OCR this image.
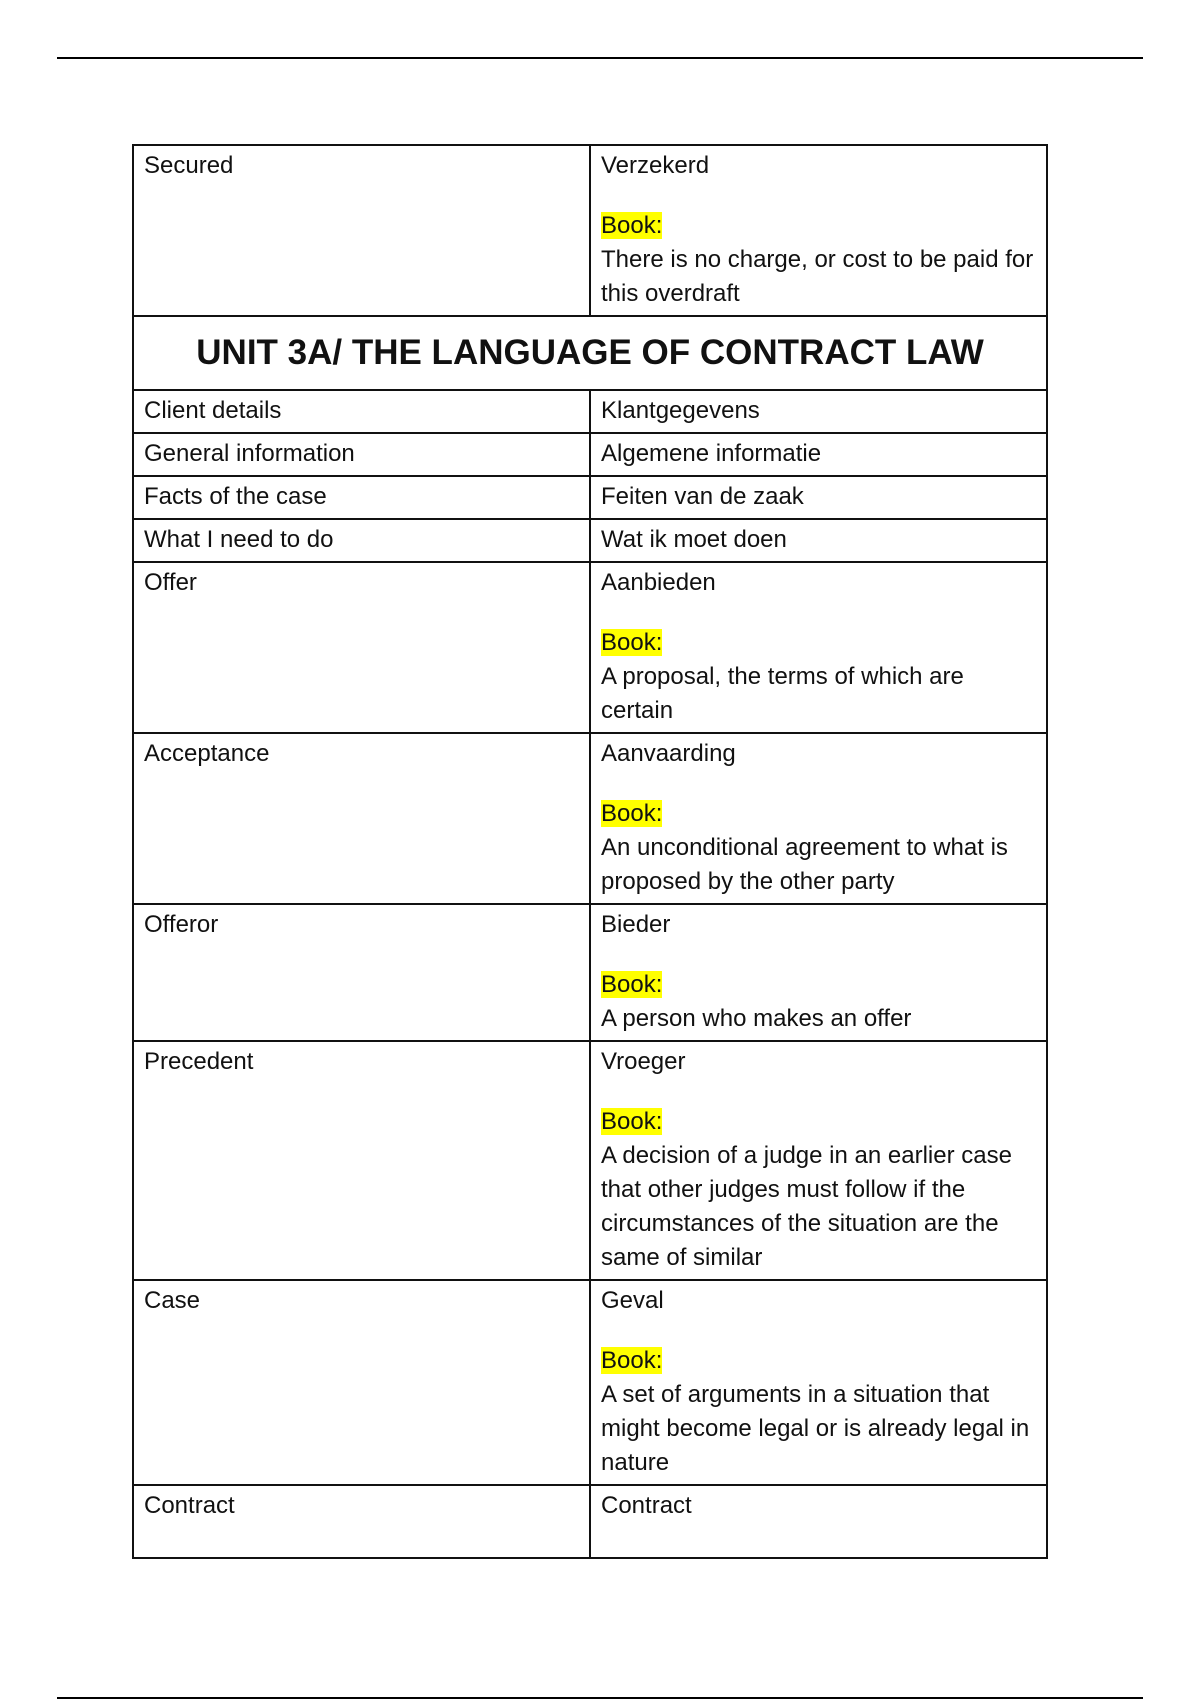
Secured	Verzekerd
Book:
There is no charge, or cost to be paid for this overdraft

UNIT 3A/ THE LANGUAGE OF CONTRACT LAW	
Client details	Klantgegevens
General information	Algemene informatie
Facts of the case	Feiten van de zaak
What I need to do	Wat ik moet doen
Offer	Aanbieden
Book:
A proposal, the terms of which are certain

Acceptance	Aanvaarding
Book:
An unconditional agreement to what is proposed by the other party

Offeror	Bieder
Book:
A person who makes an offer

Precedent	Vroeger
Book:
A decision of a judge in an earlier case that other judges must follow if the circumstances of the situation are the same of similar

Case	Geval
Book:
A set of arguments in a situation that might become legal or is already legal in nature

Contract	Contract
